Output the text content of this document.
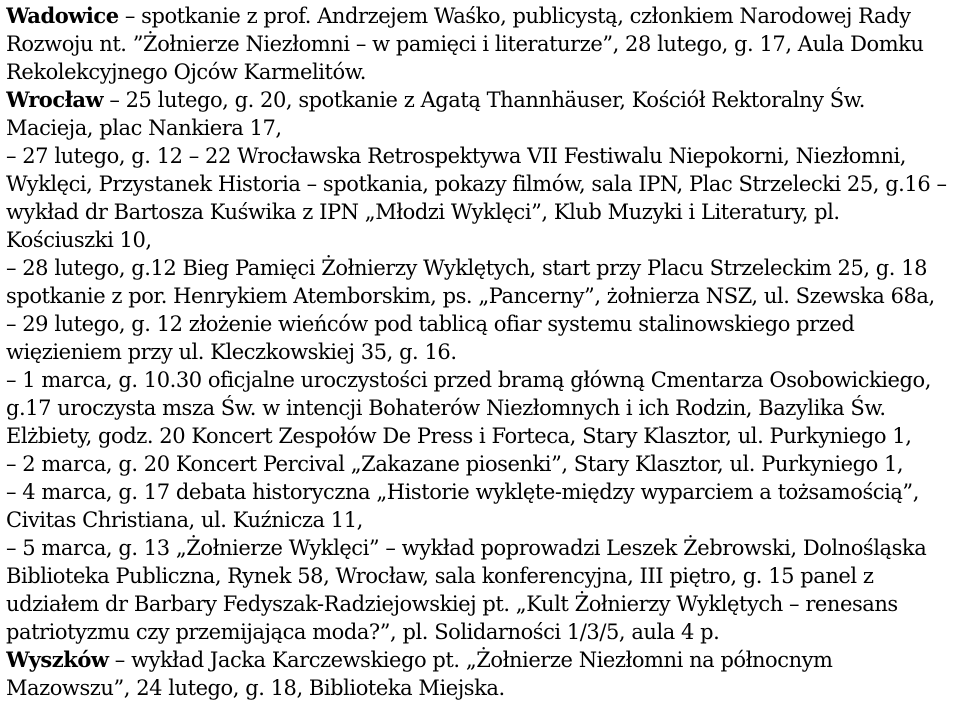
Wadowice – spotkanie z prof. Andrzejem Waśko, publicystą, członkiem Narodowej Rady
Rozwoju nt. ”Żołnierze Niezłomni – w pamięci i literaturze”, 28 lutego, g. 17, Aula Domku
Rekolekcyjnego Ojców Karmelitów.
Wrocław – 25 lutego, g. 20, spotkanie z Agatą Thannhäuser, Kościół Rektoralny Św.
Macieja, plac Nankiera 17,
– 27 lutego, g. 12 – 22 Wrocławska Retrospektywa VII Festiwalu Niepokorni, Niezłomni,
Wyklęci, Przystanek Historia – spotkania, pokazy filmów, sala IPN, Plac Strzelecki 25, g.16 –
wykład dr Bartosza Kuświka z IPN „Młodzi Wyklęci”, Klub Muzyki i Literatury, pl.
Kościuszki 10,
– 28 lutego, g.12 Bieg Pamięci Żołnierzy Wyklętych, start przy Placu Strzeleckim 25, g. 18
spotkanie z por. Henrykiem Atemborskim, ps. „Pancerny”, żołnierza NSZ, ul. Szewska 68a,
– 29 lutego, g. 12 złożenie wieńców pod tablicą ofiar systemu stalinowskiego przed
więzieniem przy ul. Kleczkowskiej 35, g. 16.
– 1 marca, g. 10.30 oficjalne uroczystości przed bramą główną Cmentarza Osobowickiego,
g.17 uroczysta msza Św. w intencji Bohaterów Niezłomnych i ich Rodzin, Bazylika Św.
Elżbiety, godz. 20 Koncert Zespołów De Press i Forteca, Stary Klasztor, ul. Purkyniego 1,
– 2 marca, g. 20 Koncert Percival „Zakazane piosenki”, Stary Klasztor, ul. Purkyniego 1,
– 4 marca, g. 17 debata historyczna „Historie wyklęte-między wyparciem a tożsamością”,
Civitas Christiana, ul. Kuźnicza 11,
– 5 marca, g. 13 „Żołnierze Wyklęci” – wykład poprowadzi Leszek Żebrowski, Dolnośląska
Biblioteka Publiczna, Rynek 58, Wrocław, sala konferencyjna, III piętro, g. 15 panel z
udziałem dr Barbary Fedyszak-Radziejowskiej pt. „Kult Żołnierzy Wyklętych – renesans
patriotyzmu czy przemijająca moda?”, pl. Solidarności 1/3/5, aula 4 p.
Wyszków – wykład Jacka Karczewskiego pt. „Żołnierze Niezłomni na północnym
Mazowszu”, 24 lutego, g. 18, Biblioteka Miejska.
